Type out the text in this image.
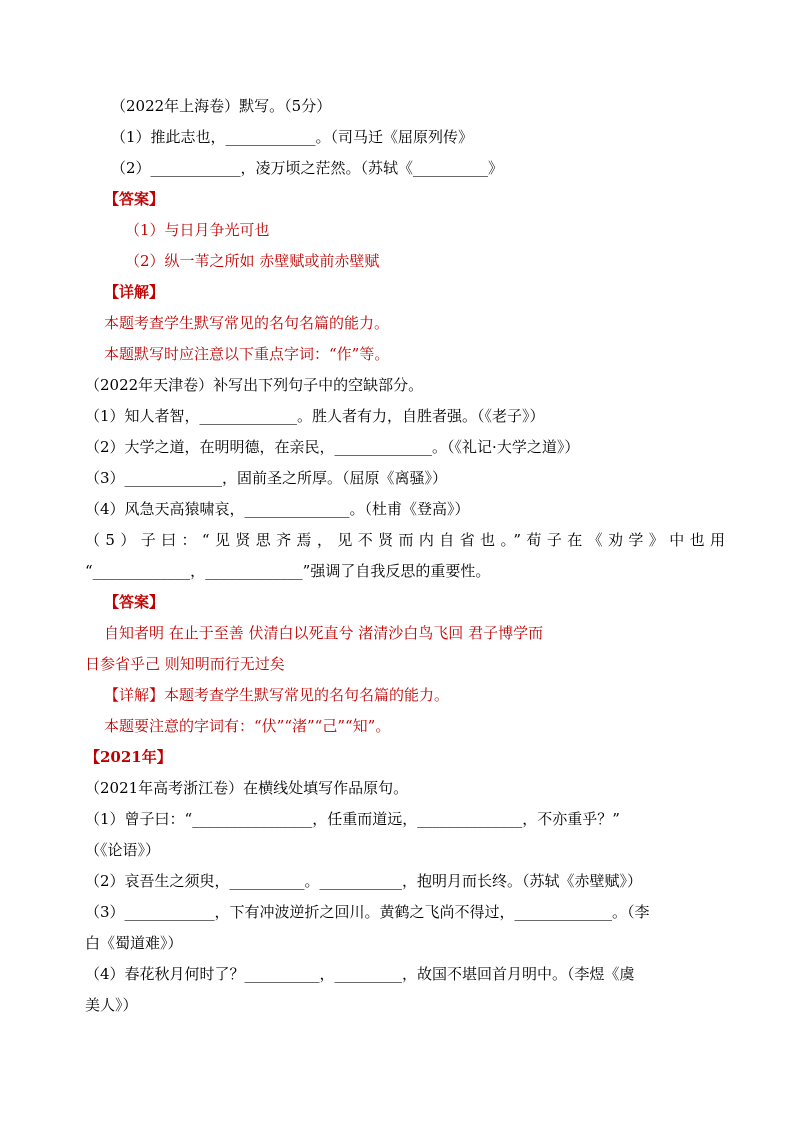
（2022年上海卷）默写。（5分）
（1）推此志也，____________。（司马迁《屈原列传》
（2）____________，凌万顷之茫然。（苏轼《__________》
【答案】
（1）与日月争光可也
（2）纵一苇之所如 赤壁赋或前赤壁赋
【详解】
本题考查学生默写常见的名句名篇的能力。
本题默写时应注意以下重点字词：“作”等。
（2022年天津卷）补写出下列句子中的空缺部分。
（1）知人者智，_____________。胜人者有力，自胜者强。（《老子》）
（2）大学之道，在明明德，在亲民，_____________。（《礼记·大学之道》）
（3）_____________，固前圣之所厚。（屈原《离骚》）
（4）风急天高猿啸哀，______________。（杜甫《登高》）
（5）子曰：“见贤思齐焉，见不贤而内自省也。”荀子在《劝学》中也用
“_____________，_____________”强调了自我反思的重要性。
【答案】
自知者明 在止于至善 伏清白以死直兮 渚清沙白鸟飞回 君子博学而
日参省乎己 则知明而行无过矣
【详解】本题考查学生默写常见的名句名篇的能力。
本题要注意的字词有：“伏”“渚”“己”“知”。
【2021年】
（2021年高考浙江卷）在横线处填写作品原句。
（1）曾子曰：“________________，任重而道远，______________，不亦重乎？”
（《论语》）
（2）哀吾生之须臾，__________。___________，抱明月而长终。（苏轼《赤壁赋》）
（3）____________，下有冲波逆折之回川。黄鹤之飞尚不得过，_____________。（李
白《蜀道难》）
（4）春花秋月何时了？__________，_________，故国不堪回首月明中。（李煜《虞
美人》）
